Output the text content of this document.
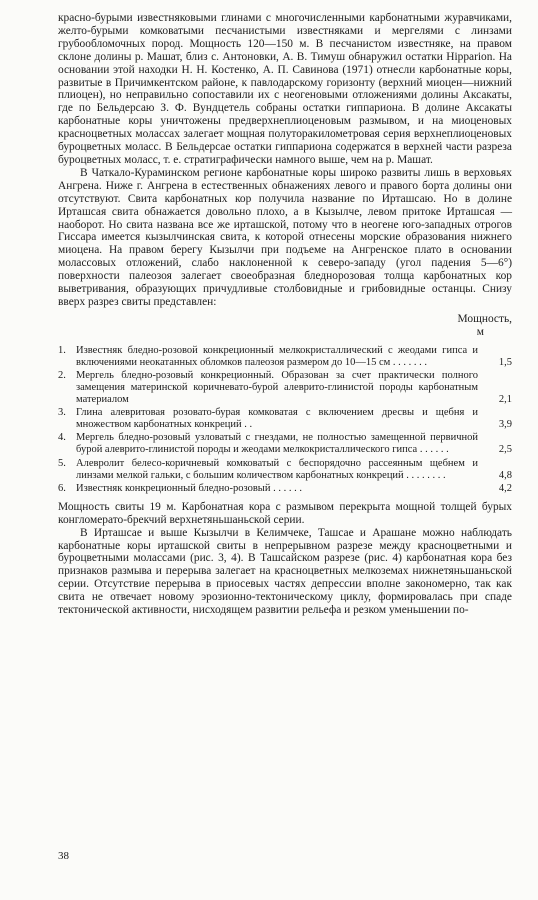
красно-бурыми известняковыми глинами с многочисленными карбонатными журавчиками, желто-бурыми комковатыми песчанистыми известняками и мергелями с линзами грубообломочных пород. Мощность 120—150 м. В песчанистом известняке, на правом склоне долины р. Машат, близ с. Антоновки, А. В. Тимуш обнаружил остатки Hipparion. На основании этой находки Н. Н. Костенко, А. П. Савинова (1971) отнесли карбонатные коры, развитые в Причимкентском районе, к павлодарскому горизонту (верхний миоцен—нижний плиоцен), но неправильно сопоставили их с неогеновыми отложениями долины Аксакаты, где по Бельдерсаю З. Ф. Вундцетель собраны остатки гиппариона. В долине Аксакаты карбонатные коры уничтожены предверхнеплиоценовым размывом, и на миоценовых красноцветных молассах залегает мощная полуторакилометровая серия верхнеплиоценовых буроцветных моласс. В Бельдерсае остатки гиппариона содержатся в верхней части разреза буроцветных моласс, т. е. стратиграфически намного выше, чем на р. Машат.

В Чаткало-Кураминском регионе карбонатные коры широко развиты лишь в верховьях Ангрена. Ниже г. Ангрена в естественных обнажениях левого и правого борта долины они отсутствуют. Свита карбонатных кор получила название по Ирташсаю. Но в долине Ирташсая свита обнажается довольно плохо, а в Кызылче, левом притоке Ирташсая — наоборот. Но свита названа все же ирташской, потому что в неогене юго-западных отрогов Гиссара имеется кызылчинская свита, к которой отнесены морские образования нижнего миоцена. На правом берегу Кызылчи при подъеме на Ангренское плато в основании молассовых отложений, слабо наклоненной к северо-западу (угол падения 5—6°) поверхности палеозоя залегает своеобразная бледнорозовая толща карбонатных кор выветривания, образующих причудливые столбовидные и грибовидные останцы. Снизу вверх разрез свиты представлен:

Мощность,
м
1. Известняк бледно-розовой конкреционный мелкокристаллический с жеодами гипса и включениями неокатанных обломков палеозоя размером до 10—15 см . . . . . . .	1,5
2. Мергель бледно-розовый конкреционный. Образован за счет практически полного замещения материнской коричневато-бурой алеврито-глинистой породы карбонатным материалом	2,1
3. Глина алевритовая розовато-бурая комковатая с включением дресвы и щебня и множеством карбонатных конкреций . .	3,9
4. Мергель бледно-розовый узловатый с гнездами, не полностью замещенной первичной бурой алеврито-глинистой породы и жеодами мелкокристаллического гипса . . . . . .	2,5
5. Алевролит белесо-коричневый комковатый с беспорядочно рассеянным щебнем и линзами мелкой гальки, с большим количеством карбонатных конкреций . . . . . . . .	4,8
6. Известняк конкреционный бледно-розовый . . . . . .	4,2

Мощность свиты 19 м. Карбонатная кора с размывом перекрыта мощной толщей бурых конгломерато-брекчий верхнетяньшаньской серии.

В Ирташсае и выше Кызылчи в Келимчеке, Ташсае и Арашане можно наблюдать карбонатные коры ирташской свиты в непрерывном разрезе между красноцветными и буроцветными молассами (рис. 3, 4). В Ташсайском разрезе (рис. 4) карбонатная кора без признаков размыва и перерыва залегает на красноцветных мелкоземах нижнетяньшаньской серии. Отсутствие перерыва в приосевых частях депрессии вполне закономерно, так как свита не отвечает новому эрозионно-тектоническому циклу, формировалась при спаде тектонической активности, нисходящем развитии рельефа и резком уменьшении по-

38
